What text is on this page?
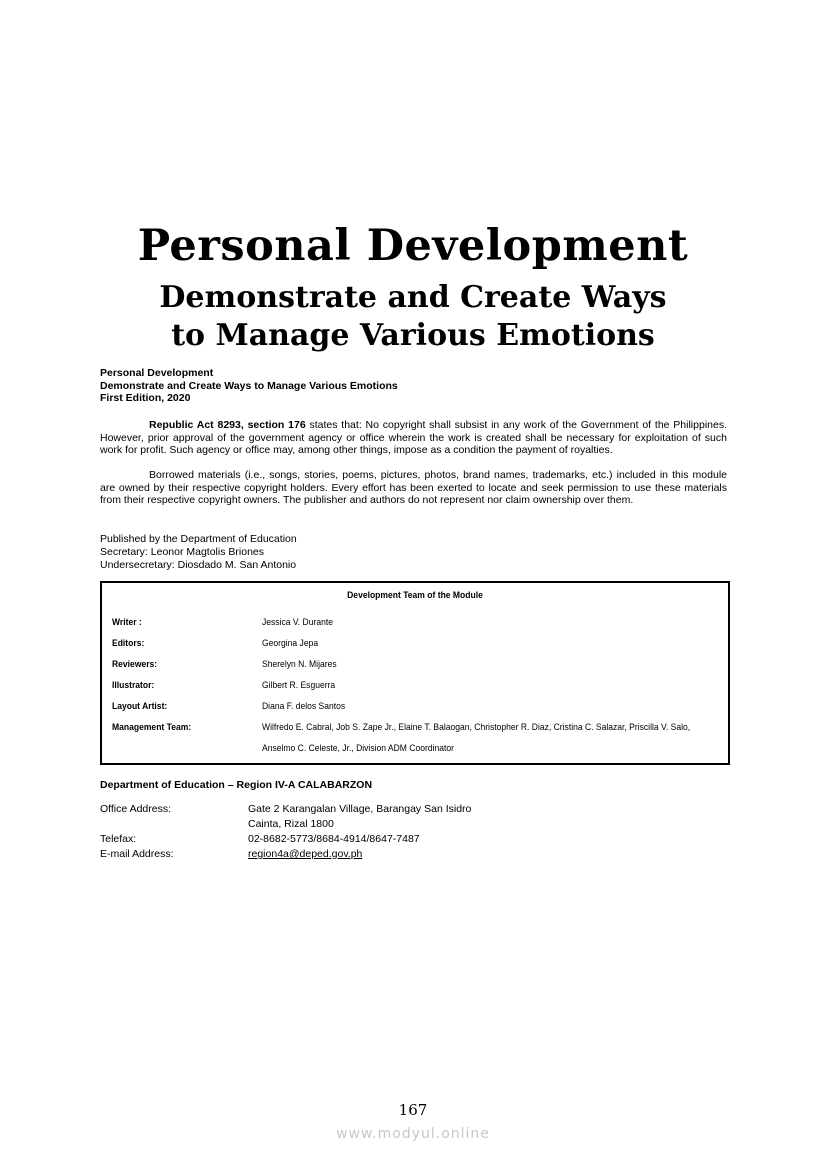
Personal Development
Demonstrate and Create Ways
to Manage Various Emotions
Personal Development
Demonstrate and Create Ways to Manage Various Emotions
First Edition, 2020
Republic Act 8293, section 176 states that: No copyright shall subsist in any work of the Government of the Philippines. However, prior approval of the government agency or office wherein the work is created shall be necessary for exploitation of such work for profit. Such agency or office may, among other things, impose as a condition the payment of royalties.
Borrowed materials (i.e., songs, stories, poems, pictures, photos, brand names, trademarks, etc.) included in this module are owned by their respective copyright holders. Every effort has been exerted to locate and seek permission to use these materials from their respective copyright owners. The publisher and authors do not represent nor claim ownership over them.
Published by the Department of Education
Secretary: Leonor Magtolis Briones
Undersecretary: Diosdado M. San Antonio
Development Team of the Module
Writer :	Jessica V. Durante
Editors:	Georgina Jepa
Reviewers:	Sherelyn N. Mijares
Illustrator:	Gilbert R. Esguerra
Layout Artist:	Diana F. delos Santos
Management Team:	Wilfredo E. Cabral, Job S. Zape Jr., Elaine T. Balaogan, Christopher R. Diaz, Cristina C. Salazar, Priscilla V. Salo,
Anselmo C. Celeste, Jr., Division ADM Coordinator
Department of Education – Region IV-A CALABARZON
Office Address:	Gate 2 Karangalan Village, Barangay San Isidro
Cainta, Rizal 1800
Telefax:	02-8682-5773/8684-4914/8647-7487
E-mail Address:	region4a@deped.gov.ph
167
www.modyul.online
